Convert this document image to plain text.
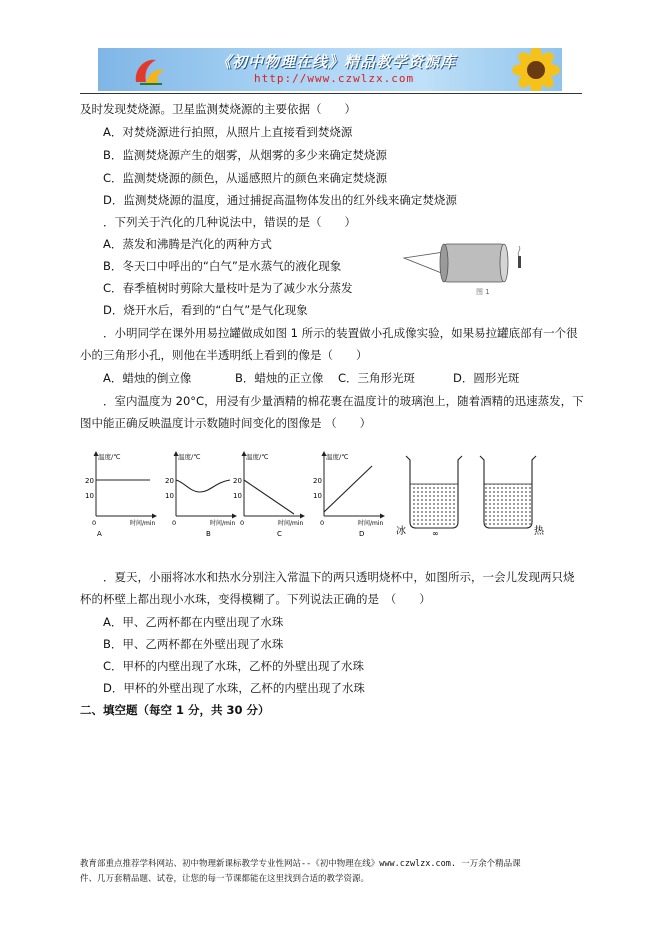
《初中物理在线》精品教学资源库
http://www.czwlzx.com
及时发现焚烧源。卫星监测焚烧源的主要依据（　　）
A．对焚烧源进行拍照，从照片上直接看到焚烧源
B．监测焚烧源产生的烟雾，从烟雾的多少来确定焚烧源
C．监测焚烧源的颜色，从遥感照片的颜色来确定焚烧源
D．监测焚烧源的温度，通过捕捉高温物体发出的红外线来确定焚烧源
．下列关于汽化的几种说法中，错误的是（　　）
A．蒸发和沸腾是汽化的两种方式
B．冬天口中呼出的“白气”是水蒸气的液化现象
C．春季植树时剪除大量枝叶是为了减少水分蒸发
D．烧开水后，看到的“白气”是气化现象
图 1
．小明同学在课外用易拉罐做成如图 1 所示的装置做小孔成像实验，如果易拉罐底部有一个很
小的三角形小孔，则他在半透明纸上看到的像是（　　）
A．蜡烛的倒立像	B．蜡烛的正立像 C．三角形光斑	D．圆形光斑
．室内温度为 20°C，用浸有少量酒精的棉花裹在温度计的玻璃泡上，随着酒精的迅速蒸发，下
图中能正确反映温度计示数随时间变化的图像是 （　　）
温度/℃
20
10
0	时间/min
A
温度/℃
20
10
0	时间/min
B
温度/℃
20
10
0	时间/min
C
温度/℃
20
10
0	时间/min
D	冰	∞	热
．夏天，小丽将冰水和热水分别注入常温下的两只透明烧杯中，如图所示，一会儿发现两只烧
杯的杯壁上都出现小水珠，变得模糊了。下列说法正确的是　（　　）
A．甲、乙两杯都在内壁出现了水珠
B．甲、乙两杯都在外壁出现了水珠
C．甲杯的内壁出现了水珠，乙杯的外壁出现了水珠
D．甲杯的外壁出现了水珠，乙杯的内壁出现了水珠
二、填空题（每空 1 分，共 30 分）
教育部重点推荐学科网站、初中物理新课标教学专业性网站--《初中物理在线》www.czwlzx.com. 一万余个精品课
件、几万套精品题、试卷，让您的每一节课都能在这里找到合适的教学资源。
